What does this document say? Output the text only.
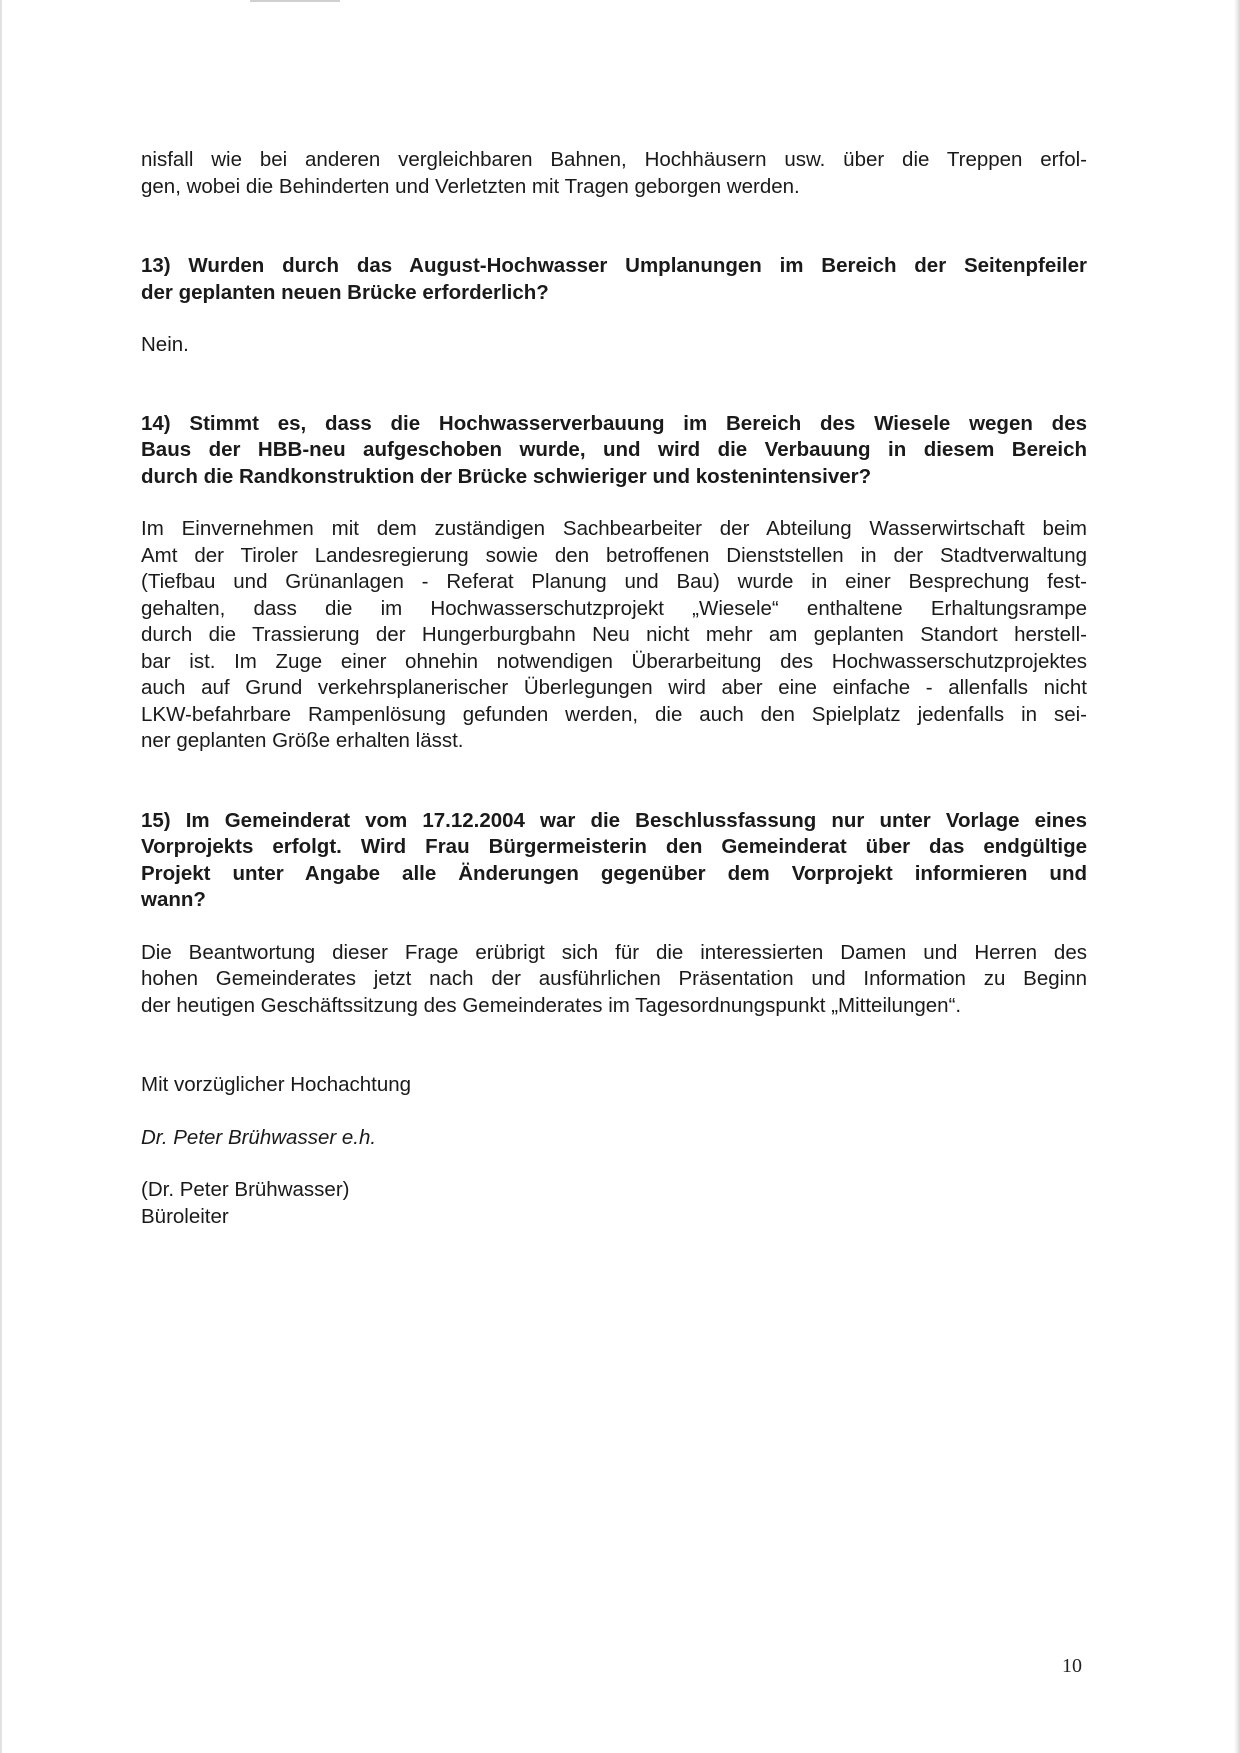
nisfall wie bei anderen vergleichbaren Bahnen, Hochhäusern usw. über die Treppen erfol-
gen, wobei die Behinderten und Verletzten mit Tragen geborgen werden.

13) Wurden durch das August-Hochwasser Umplanungen im Bereich der Seitenpfeiler
der geplanten neuen Brücke erforderlich?

Nein.

14) Stimmt es, dass die Hochwasserverbauung im Bereich des Wiesele wegen des
Baus der HBB-neu aufgeschoben wurde, und wird die Verbauung in diesem Bereich
durch die Randkonstruktion der Brücke schwieriger und kostenintensiver?

Im Einvernehmen mit dem zuständigen Sachbearbeiter der Abteilung Wasserwirtschaft beim
Amt der Tiroler Landesregierung sowie den betroffenen Dienststellen in der Stadtverwaltung
(Tiefbau und Grünanlagen - Referat Planung und Bau) wurde in einer Besprechung fest-
gehalten, dass die im Hochwasserschutzprojekt „Wiesele“ enthaltene Erhaltungsrampe
durch die Trassierung der Hungerburgbahn Neu nicht mehr am geplanten Standort herstell-
bar ist. Im Zuge einer ohnehin notwendigen Überarbeitung des Hochwasserschutzprojektes
auch auf Grund verkehrsplanerischer Überlegungen wird aber eine einfache - allenfalls nicht
LKW-befahrbare Rampenlösung gefunden werden, die auch den Spielplatz jedenfalls in sei-
ner geplanten Größe erhalten lässt.

15) Im Gemeinderat vom 17.12.2004 war die Beschlussfassung nur unter Vorlage eines
Vorprojekts erfolgt. Wird Frau Bürgermeisterin den Gemeinderat über das endgültige
Projekt unter Angabe alle Änderungen gegenüber dem Vorprojekt informieren und
wann?

Die Beantwortung dieser Frage erübrigt sich für die interessierten Damen und Herren des
hohen Gemeinderates jetzt nach der ausführlichen Präsentation und Information zu Beginn
der heutigen Geschäftssitzung des Gemeinderates im Tagesordnungspunkt „Mitteilungen“.

Mit vorzüglicher Hochachtung

Dr. Peter Brühwasser e.h.

(Dr. Peter Brühwasser)

Büroleiter

10
